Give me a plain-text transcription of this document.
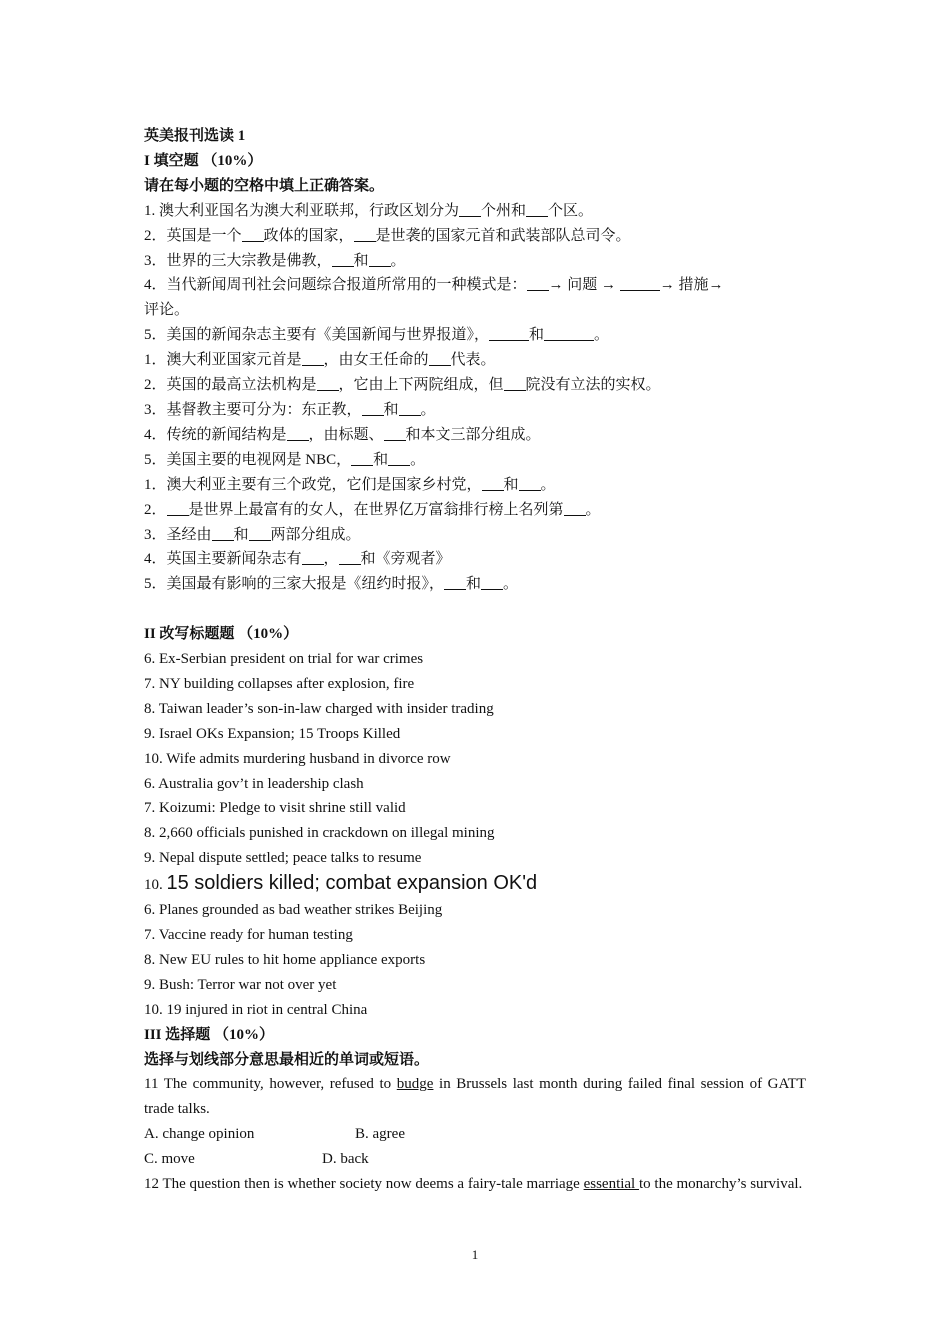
英美报刊选读 1
I 填空题 （10%）
请在每小题的空格中填上正确答案。
1. 澳大利亚国名为澳大利亚联邦，行政区划分为 个州和 个区。
2．英国是一个 政体的国家， 是世袭的国家元首和武装部队总司令。
3．世界的三大宗教是佛教， 和 。
4．当代新闻周刊社会问题综合报道所常用的一种模式是： → 问题 →	→ 措施→
评论。
5．美国的新闻杂志主要有《美国新闻与世界报道》，	和	。
1．澳大利亚国家元首是 ，由女王任命的 代表。
2．英国的最高立法机构是 ，它由上下两院组成，但 院没有立法的实权。
3．基督教主要可分为：东正教， 和 。
4．传统的新闻结构是 ，由标题、 和本文三部分组成。
5．美国主要的电视网是 NBC， 和 。
1．澳大利亚主要有三个政党，它们是国家乡村党， 和 。
2． 是世界上最富有的女人，在世界亿万富翁排行榜上名列第 。
3．圣经由 和 两部分组成。
4．英国主要新闻杂志有 ， 和《旁观者》
5．美国最有影响的三家大报是《纽约时报》， 和 。
II 改写标题题 （10%）
6. Ex-Serbian president on trial for war crimes
7. NY building collapses after explosion, fire
8. Taiwan leader’s son-in-law charged with insider trading
9. Israel OKs Expansion; 15 Troops Killed
10. Wife admits murdering husband in divorce row
6. Australia gov’t in leadership clash
7. Koizumi: Pledge to visit shrine still valid
8. 2,660 officials punished in crackdown on illegal mining
9. Nepal dispute settled; peace talks to resume
10. 15 soldiers killed; combat expansion OK'd
6. Planes grounded as bad weather strikes Beijing
7. Vaccine ready for human testing
8. New EU rules to hit home appliance exports
9. Bush: Terror war not over yet
10. 19 injured in riot in central China
III 选择题 （10%）
选择与划线部分意思最相近的单词或短语。
11 The community, however, refused to budge in Brussels last month during failed final session of GATT trade talks.
A. change opinion	B. agree
C. move	D. back
12 The question then is whether society now deems a fairy-tale marriage essential to the monarchy’s survival.
1
